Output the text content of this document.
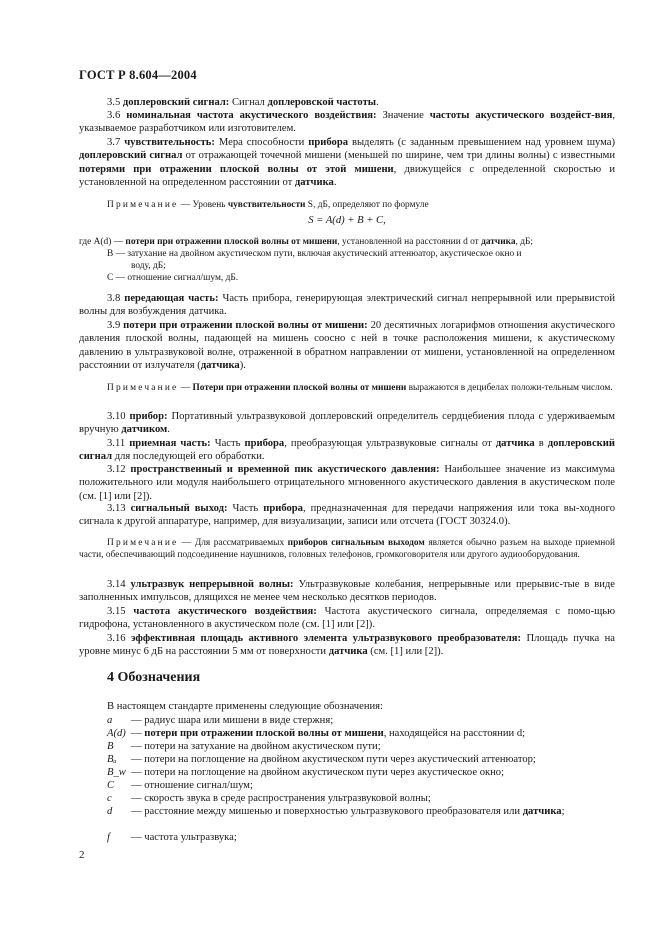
ГОСТ Р 8.604—2004
3.5 доплеровский сигнал: Сигнал доплеровской частоты.
3.6 номинальная частота акустического воздействия: Значение частоты акустического воздейст-вия, указываемое разработчиком или изготовителем.
3.7 чувствительность: Мера способности прибора выделять (с заданным превышением над уровнем шума) доплеровский сигнал от отражающей точечной мишени (меньшей по ширине, чем три длины волны) с известными потерями при отражении плоской волны от этой мишени, движущейся с определенной скоростью и установленной на определенном расстоянии от датчика.
Примечание — Уровень чувствительности S, дБ, определяют по формуле
S = A(d) + B + C,
где A(d) — потери при отражении плоской волны от мишени, установленной на расстоянии d от датчика, дБ;
B — затухание на двойном акустическом пути, включая акустический аттенюатор, акустическое окно и
воду, дБ;
C — отношение сигнал/шум, дБ.
3.8 передающая часть: Часть прибора, генерирующая электрический сигнал непрерывной или прерывистой волны для возбуждения датчика.
3.9 потери при отражении плоской волны от мишени: 20 десятичных логарифмов отношения акустического давления плоской волны, падающей на мишень соосно с ней в точке расположения мишени, к акустическому давлению в ультразвуковой волне, отраженной в обратном направлении от мишени, установленной на определенном расстоянии от излучателя (датчика).
Примечание — Потери при отражении плоской волны от мишени выражаются в децибелах положи-тельным числом.
3.10 прибор: Портативный ультразвуковой доплеровский определитель сердцебиения плода с удерживаемым вручную датчиком.
3.11 приемная часть: Часть прибора, преобразующая ультразвуковые сигналы от датчика в доплеровский сигнал для последующей его обработки.
3.12 пространственный и временной пик акустического давления: Наибольшее значение из максимума положительного или модуля наибольшего отрицательного мгновенного акустического давления в акустическом поле (см. [1] или [2]).
3.13 сигнальный выход: Часть прибора, предназначенная для передачи напряжения или тока вы-ходного сигнала к другой аппаратуре, например, для визуализации, записи или отсчета (ГОСТ 30324.0).
Примечание — Для рассматриваемых приборов сигнальным выходом является обычно разъем на выходе приемной части, обеспечивающий подсоединение наушников, головных телефонов, громкоговорителя или другого аудиооборудования.
3.14 ультразвук непрерывной волны: Ультразвуковые колебания, непрерывные или прерывис-тые в виде заполненных импульсов, длящихся не менее чем несколько десятков периодов.
3.15 частота акустического воздействия: Частота акустического сигнала, определяемая с помо-щью гидрофона, установленного в акустическом поле (см. [1] или [2]).
3.16 эффективная площадь активного элемента ультразвукового преобразователя: Площадь пучка на уровне минус 6 дБ на расстоянии 5 мм от поверхности датчика (см. [1] или [2]).
4 Обозначения
В настоящем стандарте применены следующие обозначения:
a — радиус шара или мишени в виде стержня;
A(d) — потери при отражении плоской волны от мишени, находящейся на расстоянии d;
B — потери на затухание на двойном акустическом пути;
Bₐ — потери на поглощение на двойном акустическом пути через акустический аттенюатор;
B_w — потери на поглощение на двойном акустическом пути через акустическое окно;
C — отношение сигнал/шум;
c — скорость звука в среде распространения ультразвуковой волны;
d — расстояние между мишенью и поверхностью ультразвукового преобразователя или датчика;
f — частота ультразвука;
2
